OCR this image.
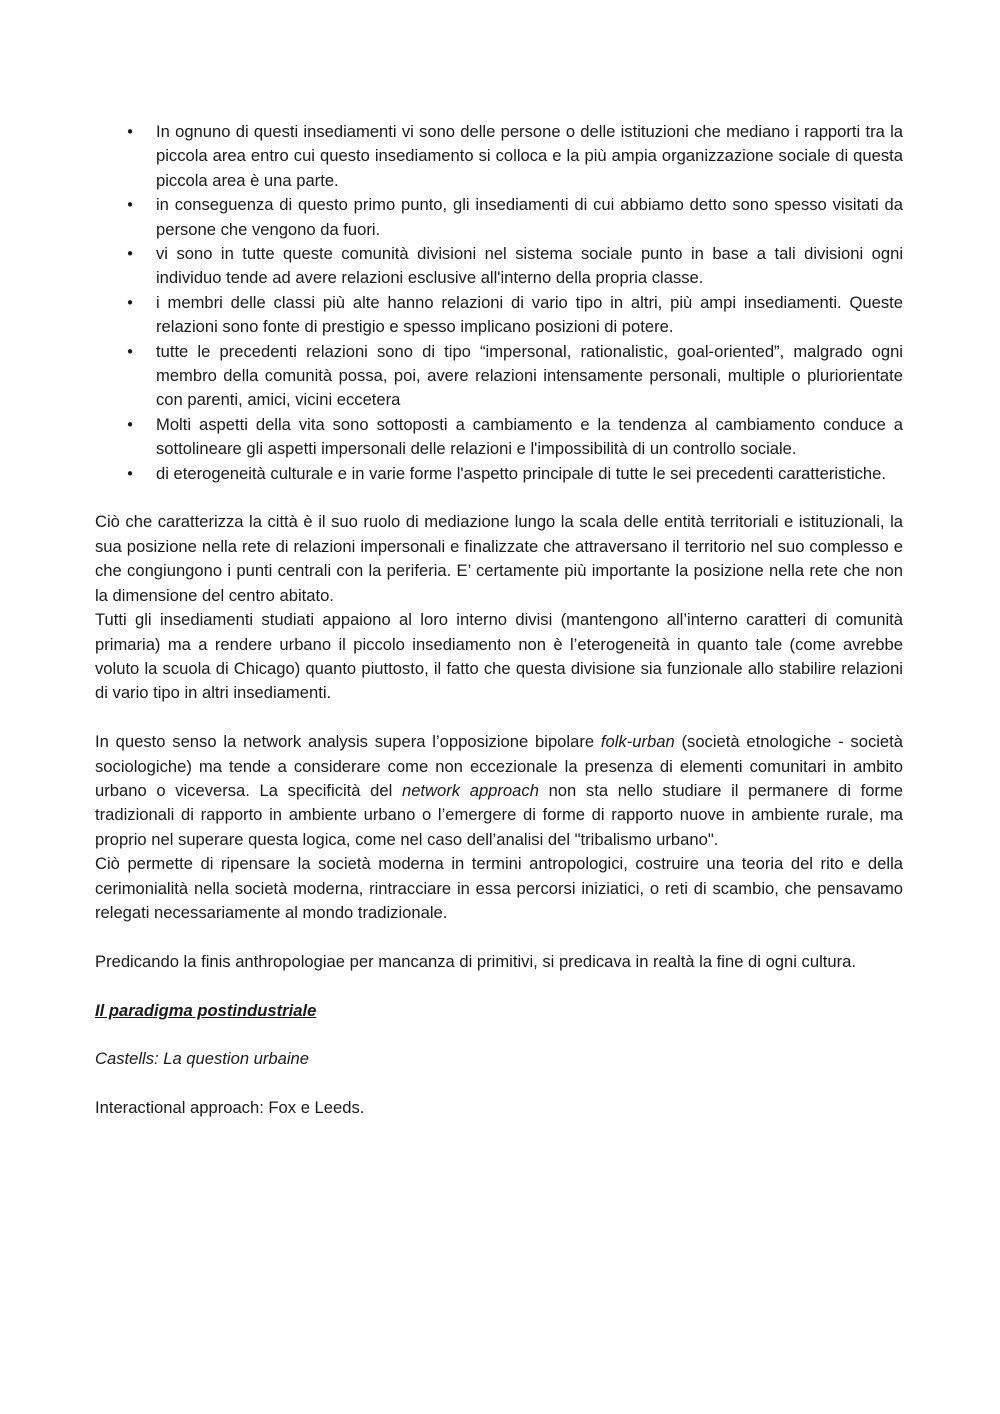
• In ognuno di questi insediamenti vi sono delle persone o delle istituzioni che mediano i rapporti tra la piccola area entro cui questo insediamento si colloca e la più ampia organizzazione sociale di questa piccola area è una parte.
• in conseguenza di questo primo punto, gli insediamenti di cui abbiamo detto sono spesso visitati da persone che vengono da fuori.
• vi sono in tutte queste comunità divisioni nel sistema sociale punto in base a tali divisioni ogni individuo tende ad avere relazioni esclusive all'interno della propria classe.
• i membri delle classi più alte hanno relazioni di vario tipo in altri, più ampi insediamenti. Queste relazioni sono fonte di prestigio e spesso implicano posizioni di potere.
• tutte le precedenti relazioni sono di tipo “impersonal, rationalistic, goal-oriented”, malgrado ogni membro della comunità possa, poi, avere relazioni intensamente personali, multiple o pluriorientate con parenti, amici, vicini eccetera
• Molti aspetti della vita sono sottoposti a cambiamento e la tendenza al cambiamento conduce a sottolineare gli aspetti impersonali delle relazioni e l'impossibilità di un controllo sociale.
• di eterogeneità culturale e in varie forme l'aspetto principale di tutte le sei precedenti caratteristiche.

Ciò che caratterizza la città è il suo ruolo di mediazione lungo la scala delle entità territoriali e istituzionali, la sua posizione nella rete di relazioni impersonali e finalizzate che attraversano il territorio nel suo complesso e che congiungono i punti centrali con la periferia. E’ certamente più importante la posizione nella rete che non la dimensione del centro abitato.

Tutti gli insediamenti studiati appaiono al loro interno divisi (mantengono all’interno caratteri di comunità primaria) ma a rendere urbano il piccolo insediamento non è l’eterogeneità in quanto tale (come avrebbe voluto la scuola di Chicago) quanto piuttosto, il fatto che questa divisione sia funzionale allo stabilire relazioni di vario tipo in altri insediamenti.

In questo senso la network analysis supera l’opposizione bipolare folk-urban (società etnologiche - società sociologiche) ma tende a considerare come non eccezionale la presenza di elementi comunitari in ambito urbano o viceversa. La specificità del network approach non sta nello studiare il permanere di forme tradizionali di rapporto in ambiente urbano o l’emergere di forme di rapporto nuove in ambiente rurale, ma proprio nel superare questa logica, come nel caso dell’analisi del "tribalismo urbano".

Ciò permette di ripensare la società moderna in termini antropologici, costruire una teoria del rito e della cerimonialità nella società moderna, rintracciare in essa percorsi iniziatici, o reti di scambio, che pensavamo relegati necessariamente al mondo tradizionale.

Predicando la finis anthropologiae per mancanza di primitivi, si predicava in realtà la fine di ogni cultura.

Il paradigma postindustriale

Castells: La question urbaine

Interactional approach: Fox e Leeds.
